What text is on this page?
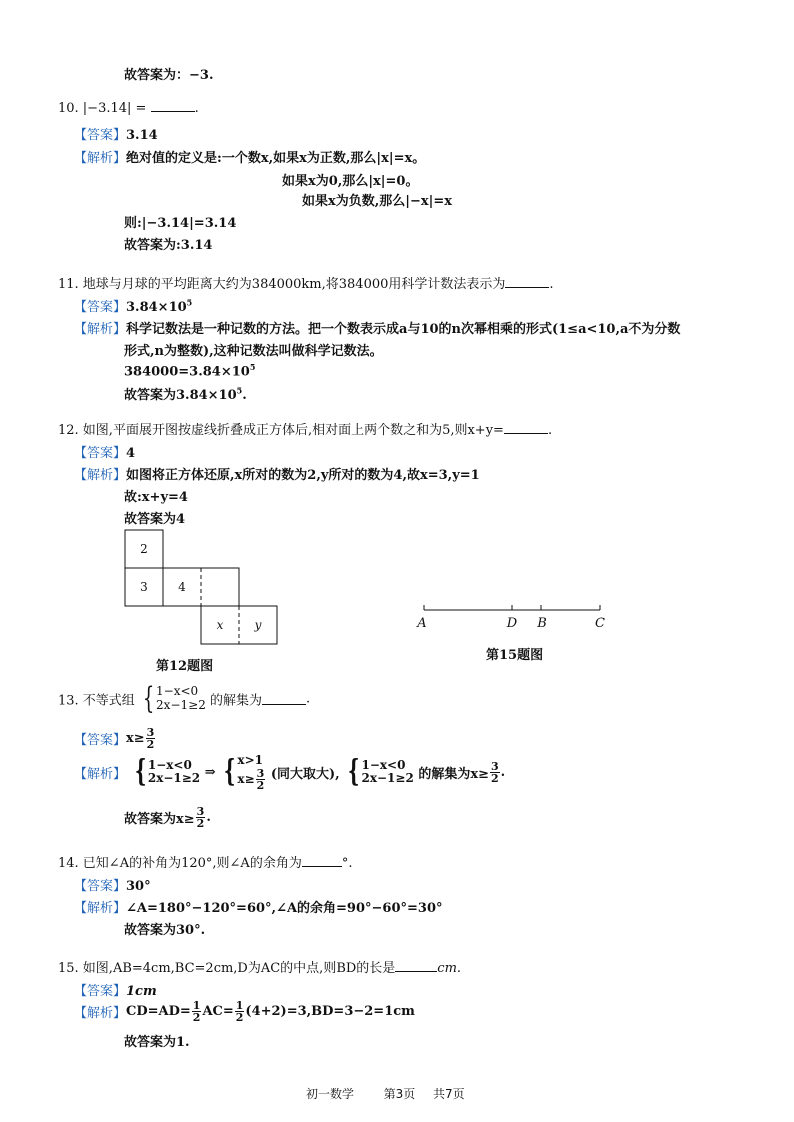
故答案为：−3.
10. |−3.14| =	.
【答案】3.14
【解析】绝对值的定义是:一个数x,如果x为正数,那么|x|=x。
如果x为0,那么|x|=0。
如果x为负数,那么|−x|=x
则:|−3.14|=3.14
故答案为:3.14
11. 地球与月球的平均距离大约为384000km,将384000用科学计数法表示为	.
【答案】$3.84\times 10^5$
【解析】科学记数法是一种记数的方法。把一个数表示成a与10的n次幂相乘的形式(1≤a<10,a不为分数
形式,n为整数),这种记数法叫做科学记数法。
$384000=3.84\times 10^5$
故答案为$3.84\times 10^5$.
12. 如图,平面展开图按虚线折叠成正方体后,相对面上两个数之和为5,则x+y=	.
【答案】4
【解析】如图将正方体还原,x所对的数为2,y所对的数为4,故x=3,y=1
故:x+y=4
故答案为4
2
3	4
x	y
第12题图
A	D B	C
第15题图
13. 不等式组 { 1−x<0
2x−1≥2 的解集为	.
【答案】$x\ge \frac{3}{2}$
【解析】 { 1−x<0
2x−1≥2 ⇒ { x>1
$x\ge \frac{3}{2}$ (同大取大), { 1−x<0
2x−1≥2 的解集为$x\ge \frac{3}{2}$ .
故答案为$x\ge \frac{3}{2}$ .
14. 已知∠A的补角为120°,则∠A的余角为	°.
【答案】30°
【解析】∠A=180°−120°=60°,∠A的余角=90°−60°=30°
故答案为30°.
15. 如图,AB=4cm,BC=2cm,D为AC的中点,则BD的长是	cm.
【答案】1cm
【解析】$CD=AD= \frac{1}{2} AC= \frac{1}{2} (4+2)=3,BD=3-2=1cm$
故答案为1.
初一数学 第3页 共7页
